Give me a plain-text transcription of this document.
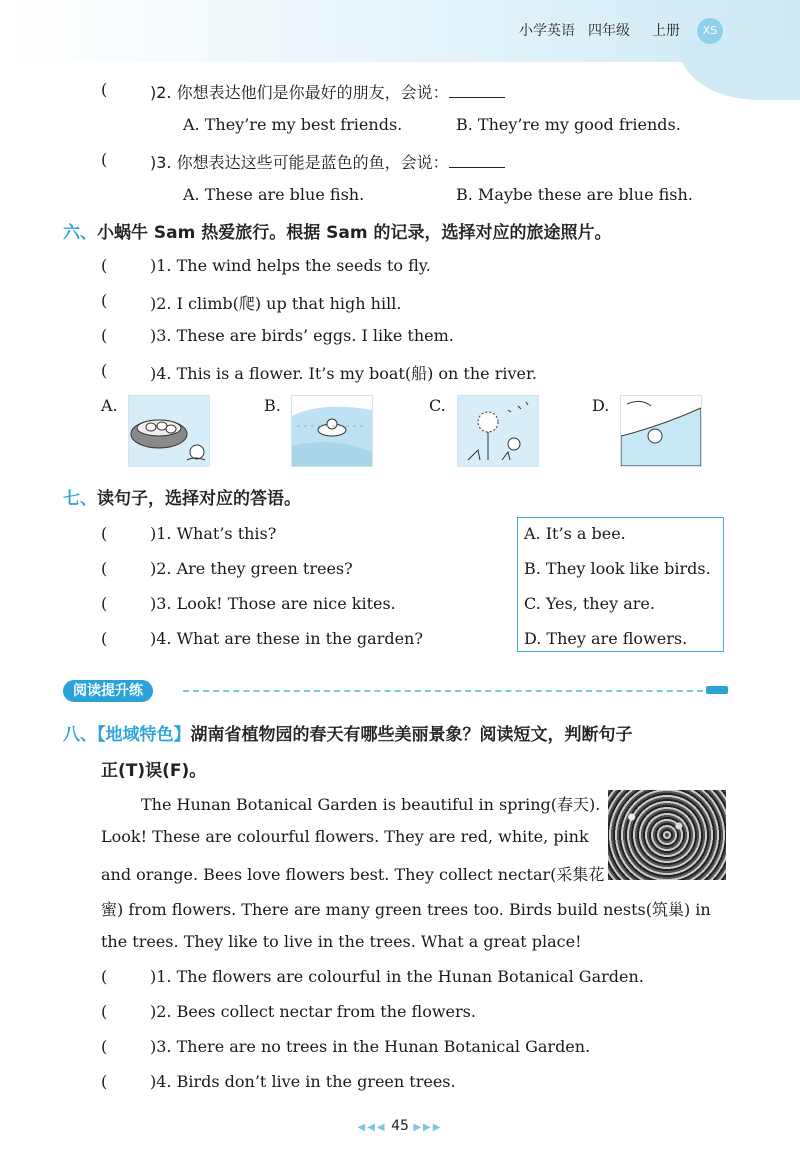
小学英语 四年级 上册	XS
(	)2. 你想表达他们是你最好的朋友，会说：
A. They’re my best friends.	B. They’re my good friends.
(	)3. 你想表达这些可能是蓝色的鱼，会说：
A. These are blue fish.	B. Maybe these are blue fish.
六、小蜗牛 Sam 热爱旅行。根据 Sam 的记录，选择对应的旅途照片。
(	)1. The wind helps the seeds to fly.
(	)2. I climb(爬) up that high hill.
(	)3. These are birds’ eggs. I like them.
(	)4. This is a flower. It’s my boat(船) on the river.
A.	B.	C.	D.
七、读句子，选择对应的答语。
(	)1. What’s this?
(	)2. Are they green trees?
(	)3. Look! Those are nice kites.
(	)4. What are these in the garden?
A. It’s a bee.
B. They look like birds.
C. Yes, they are.
D. They are flowers.
阅读提升练
八、【地域特色】湖南省植物园的春天有哪些美丽景象？阅读短文，判断句子
正(T)误(F)。
The Hunan Botanical Garden is beautiful in spring(春天).
Look! These are colourful flowers. They are red, white, pink
and orange. Bees love flowers best. They collect nectar(采集花
蜜) from flowers. There are many green trees too. Birds build nests(筑巢) in
the trees. They like to live in the trees. What a great place!
(	)1. The flowers are colourful in the Hunan Botanical Garden.
(	)2. Bees collect nectar from the flowers.
(	)3. There are no trees in the Hunan Botanical Garden.
(	)4. Birds don’t live in the green trees.
◀◀◀ 45 ▶▶▶
